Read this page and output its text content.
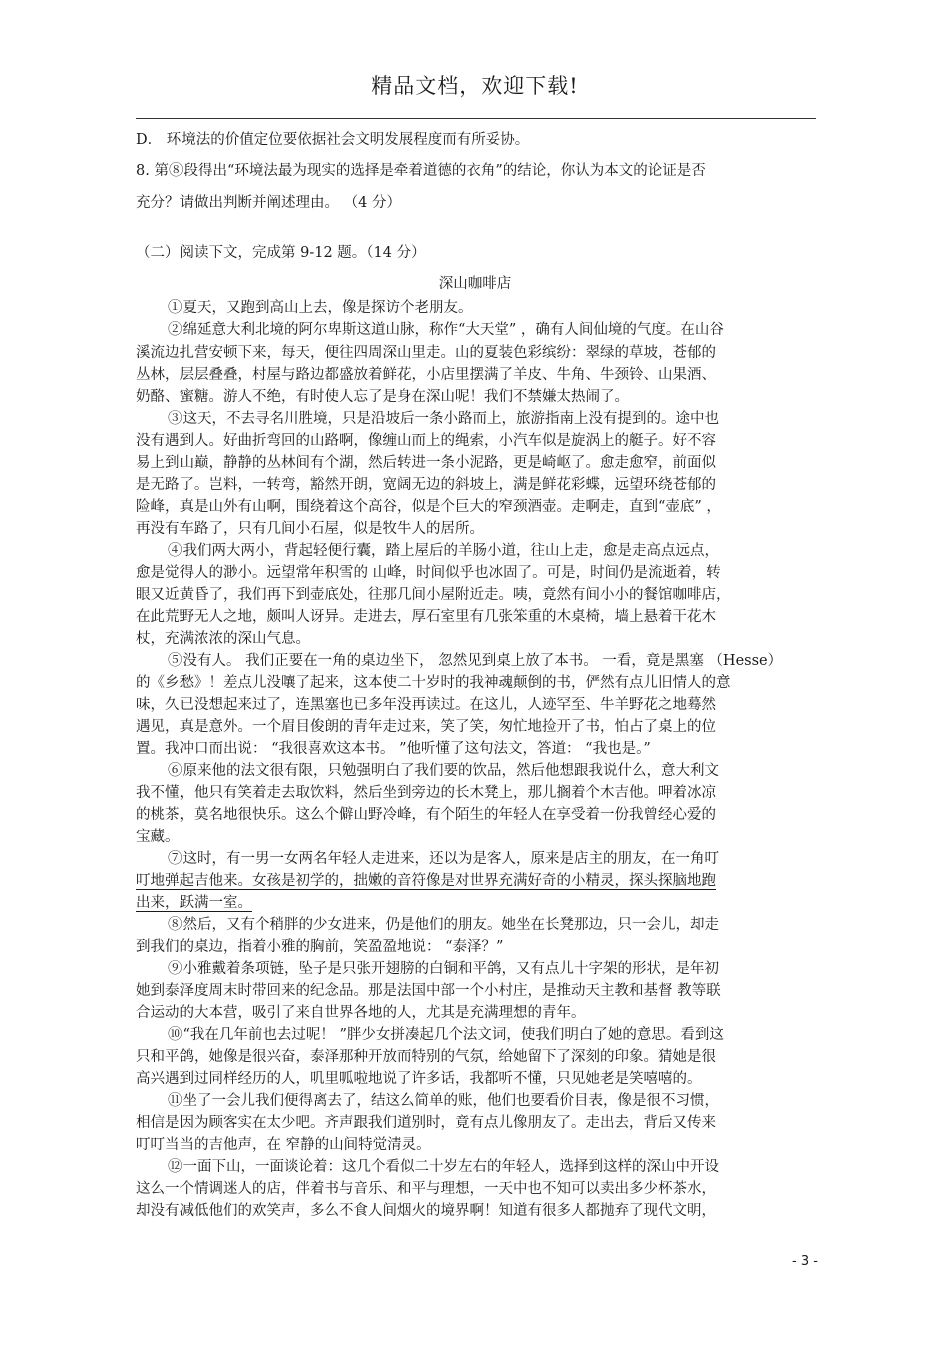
精品文档，欢迎下载!
D． 环境法的价值定位要依据社会文明发展程度而有所妥协。
8. 第⑧段得出“环境法最为现实的选择是牵着道德的衣角”的结论，你认为本文的论证是否
充分？请做出判断并阐述理由。 （4 分）
（二）阅读下文，完成第 9-12 题。（14 分）
深山咖啡店
①夏天，又跑到高山上去，像是探访个老朋友。
②绵延意大利北境的阿尔卑斯这道山脉，称作“大天堂” ，确有人间仙境的气度。在山谷
溪流边扎营安顿下来，每天，便往四周深山里走。山的夏装色彩缤纷：翠绿的草坡，苍郁的
丛林，层层叠叠，村屋与路边都盛放着鲜花，小店里摆满了羊皮、牛角、牛颈铃、山果酒、
奶酪、蜜糖。游人不绝，有时使人忘了是身在深山呢！我们不禁嫌太热闹了。
③这天，不去寻名川胜境，只是沿坡后一条小路而上，旅游指南上没有提到的。途中也
没有遇到人。好曲折弯回的山路啊，像缠山而上的绳索，小汽车似是旋涡上的艇子。好不容
易上到山巅，静静的丛林间有个湖，然后转进一条小泥路，更是崎岖了。愈走愈窄，前面似
是无路了。岂料，一转弯，豁然开朗，宽阔无边的斜坡上，满是鲜花彩蝶，远望环绕苍郁的
险峰，真是山外有山啊，围绕着这个高谷，似是个巨大的窄颈酒壶。走啊走，直到“壶底” ，
再没有车路了，只有几间小石屋，似是牧牛人的居所。
④我们两大两小，背起轻便行囊，踏上屋后的羊肠小道，往山上走，愈是走高点远点，
愈是觉得人的渺小。远望常年积雪的 山峰，时间似乎也冰固了。可是，时间仍是流逝着，转
眼又近黄昏了，我们再下到壶底处，往那几间小屋附近走。咦，竟然有间小小的餐馆咖啡店，
在此荒野无人之地，颇叫人讶异。走进去，厚石室里有几张笨重的木桌椅，墙上悬着干花木
杖，充满浓浓的深山气息。
⑤没有人。 我们正要在一角的桌边坐下， 忽然见到桌上放了本书。 一看，竟是黑塞 （Hesse）
的《乡愁》！差点儿没嚷了起来，这本使二十岁时的我神魂颠倒的书，俨然有点儿旧情人的意
味，久已没想起来过了，连黑塞也已多年没再读过。在这儿，人迹罕至、牛羊野花之地蓦然
遇见，真是意外。一个眉目俊朗的青年走过来，笑了笑，匆忙地捡开了书，怕占了桌上的位
置。我冲口而出说： “我很喜欢这本书。 ”他听懂了这句法文，答道： “我也是。”
⑥原来他的法文很有限，只勉强明白了我们要的饮品，然后他想跟我说什么，意大利文
我不懂，他只有笑着走去取饮料，然后坐到旁边的长木凳上，那儿搁着个木吉他。呷着冰凉
的桃茶，莫名地很快乐。这么个僻山野冷峰，有个陌生的年轻人在享受着一份我曾经心爱的
宝藏。
⑦这时，有一男一女两名年轻人走进来，还以为是客人，原来是店主的朋友，在一角叮
叮地弹起吉他来。女孩是初学的，拙嫩的音符像是对世界充满好奇的小精灵，探头探脑地跑
出来，跃满一室。
⑧然后，又有个稍胖的少女进来，仍是他们的朋友。她坐在长凳那边，只一会儿，却走
到我们的桌边，指着小雅的胸前，笑盈盈地说： “泰泽？”
⑨小雅戴着条项链，坠子是只张开翅膀的白铜和平鸽，又有点儿十字架的形状，是年初
她到泰泽度周末时带回来的纪念品。那是法国中部一个小村庄，是推动天主教和基督 教等联
合运动的大本营，吸引了来自世界各地的人，尤其是充满理想的青年。
⑩“我在几年前也去过呢！ ”胖少女拼凑起几个法文词，使我们明白了她的意思。看到这
只和平鸽，她像是很兴奋，泰泽那种开放而特别的气氛，给她留下了深刻的印象。猜她是很
高兴遇到过同样经历的人，叽里呱啦地说了许多话，我都听不懂，只见她老是笑嘻嘻的。
⑪坐了一会儿我们便得离去了，结这么简单的账，他们也要看价目表，像是很不习惯，
相信是因为顾客实在太少吧。齐声跟我们道别时，竟有点儿像朋友了。走出去，背后又传来
叮叮当当的吉他声，在 窄静的山间特觉清灵。
⑫一面下山，一面谈论着：这几个看似二十岁左右的年轻人，选择到这样的深山中开设
这么一个情调迷人的店，伴着书与音乐、和平与理想，一天中也不知可以卖出多少杯茶水，
却没有减低他们的欢笑声，多么不食人间烟火的境界啊！知道有很多人都抛弃了现代文明，
- 3 -
